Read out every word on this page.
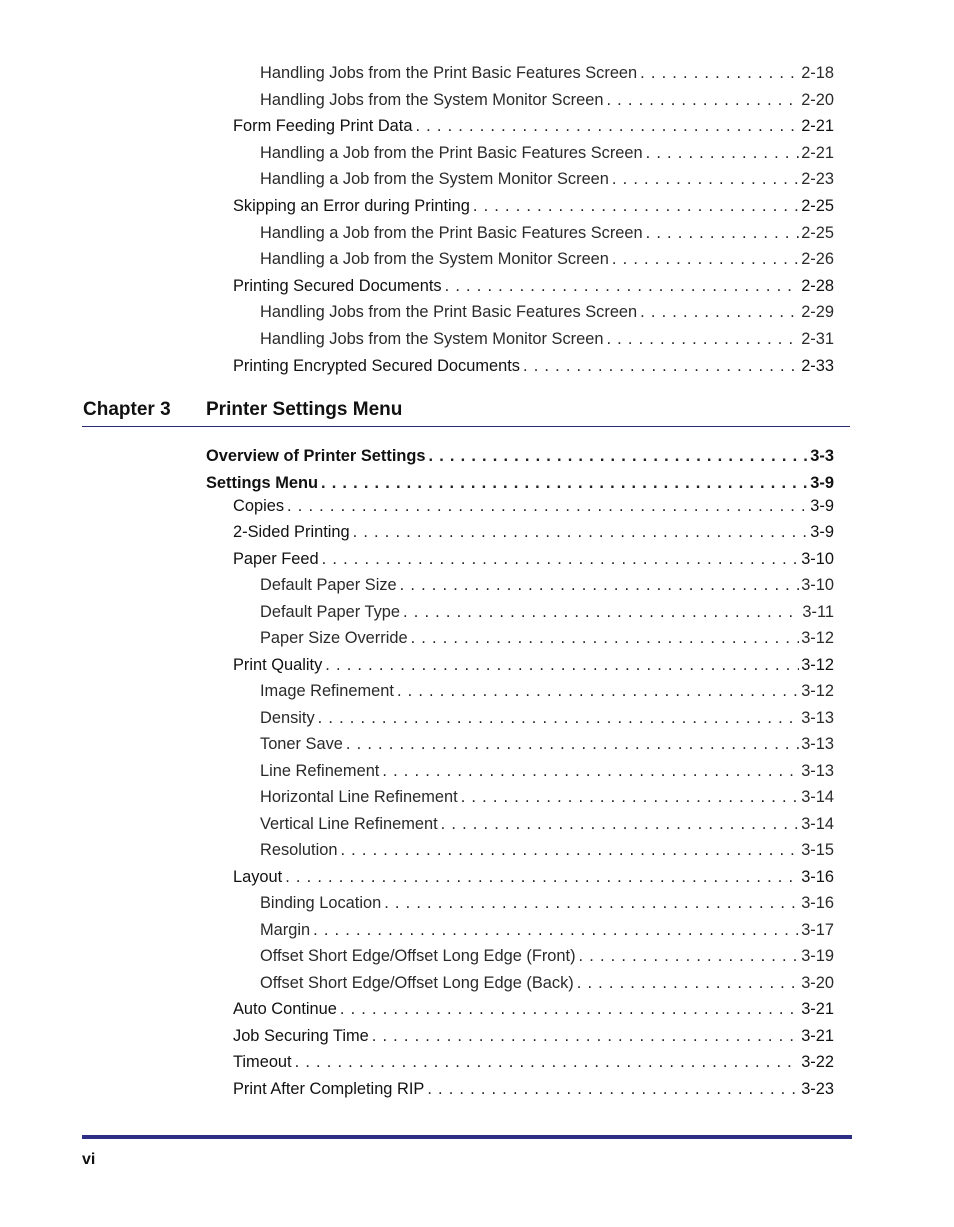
Handling Jobs from the Print Basic Features Screen . . .	2-18
Handling Jobs from the System Monitor Screen . . .	2-20
Form Feeding Print Data . . .	2-21
Handling a Job from the Print Basic Features Screen . . .	2-21
Handling a Job from the System Monitor Screen . . .	2-23
Skipping an Error during Printing . . .	2-25
Handling a Job from the Print Basic Features Screen . . .	2-25
Handling a Job from the System Monitor Screen . . .	2-26
Printing Secured Documents . . .	2-28
Handling Jobs from the Print Basic Features Screen . . .	2-29
Handling Jobs from the System Monitor Screen . . .	2-31
Printing Encrypted Secured Documents . . .	2-33
Chapter 3 Printer Settings Menu
Overview of Printer Settings . . .	3-3
Settings Menu . . .	3-9
Copies . . .	3-9
2-Sided Printing . . .	3-9
Paper Feed . . .	3-10
Default Paper Size . . .	3-10
Default Paper Type . . .	3-11
Paper Size Override . . .	3-12
Print Quality . . .	3-12
Image Refinement . . .	3-12
Density . . .	3-13
Toner Save . . .	3-13
Line Refinement . . .	3-13
Horizontal Line Refinement . . .	3-14
Vertical Line Refinement . . .	3-14
Resolution . . .	3-15
Layout . . .	3-16
Binding Location . . .	3-16
Margin . . .	3-17
Offset Short Edge/Offset Long Edge (Front) . . .	3-19
Offset Short Edge/Offset Long Edge (Back) . . .	3-20
Auto Continue . . .	3-21
Job Securing Time . . .	3-21
Timeout . . .	3-22
Print After Completing RIP . . .	3-23
vi
